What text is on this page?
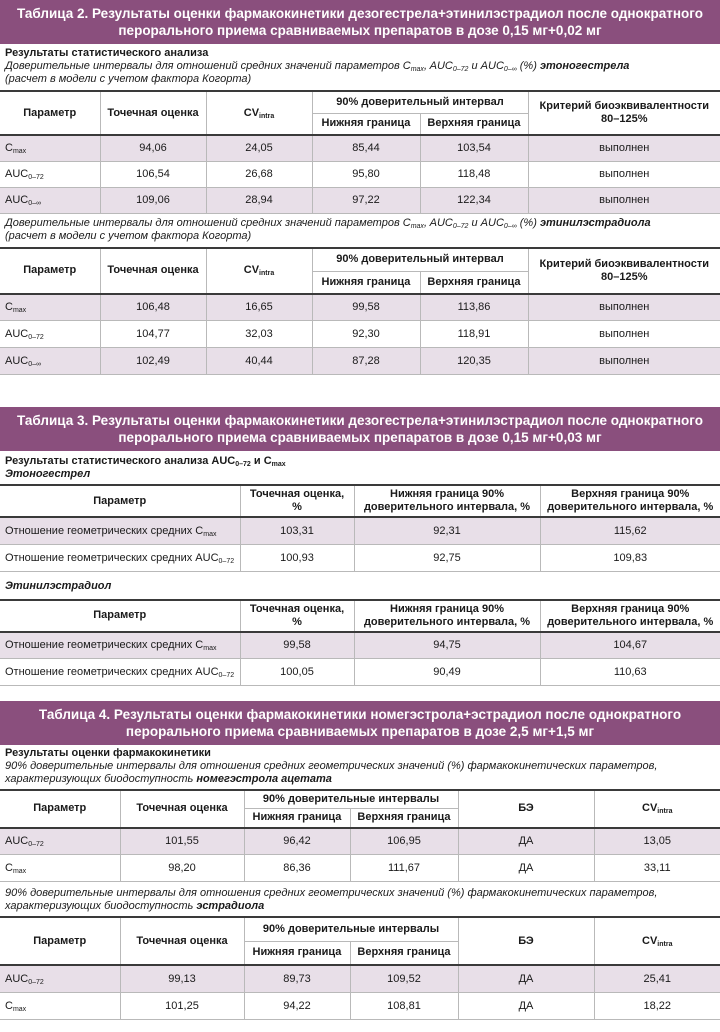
Таблица 2. Результаты оценки фармакокинетики дезогестрела+этинилэстрадиол после однократного перорального приема сравниваемых препаратов в дозе 0,15 мг+0,02 мг
Результаты статистического анализа
Доверительные интервалы для отношений средних значений параметров $C_{max}$, $AUC_{0-72}$ и $AUC_{0-\infty}$ (%) этоногестрела
(расчет в модели с учетом фактора Когорта)
Параметр	Точечная оценка	$CV_{intra}$	90% доверительный интервал		Критерий биоэквивалентности 80–125%
			Нижняя граница	Верхняя граница	
$C_{max}$	94,06	24,05	85,44	103,54	выполнен
$AUC_{0-72}$	106,54	26,68	95,80	118,48	выполнен
$AUC_{0-\infty}$	109,06	28,94	97,22	122,34	выполнен
Доверительные интервалы для отношений средних значений параметров $C_{max}$, $AUC_{0-72}$ и $AUC_{0-\infty}$ (%) этинилэстрадиола
(расчет в модели с учетом фактора Когорта)
Параметр	Точечная оценка	$CV_{intra}$	90% доверительный интервал		Критерий биоэквивалентности 80–125%
			Нижняя граница	Верхняя граница	
$C_{max}$	106,48	16,65	99,58	113,86	выполнен
$AUC_{0-72}$	104,77	32,03	92,30	118,91	выполнен
$AUC_{0-\infty}$	102,49	40,44	87,28	120,35	выполнен
Таблица 3. Результаты оценки фармакокинетики дезогестрела+этинилэстрадиол после однократного перорального приема сравниваемых препаратов в дозе 0,15 мг+0,03 мг
Результаты статистического анализа $AUC_{0-72}$ и $C_{max}$
Этоногестрел
Параметр	Точечная оценка, %	Нижняя граница 90% доверительного интервала, %	Верхняя граница 90% доверительного интервала, %
Отношение геометрических средних $C_{max}$	103,31	92,31	115,62
Отношение геометрических средних $AUC_{0-72}$	100,93	92,75	109,83
Этинилэстрадиол
Параметр	Точечная оценка, %	Нижняя граница 90% доверительного интервала, %	Верхняя граница 90% доверительного интервала, %
Отношение геометрических средних $C_{max}$	99,58	94,75	104,67
Отношение геометрических средних $AUC_{0-72}$	100,05	90,49	110,63
Таблица 4. Результаты оценки фармакокинетики номегэстрола+эстрадиол после однократного перорального приема сравниваемых препаратов в дозе 2,5 мг+1,5 мг
Результаты оценки фармакокинетики
90% доверительные интервалы для отношения средних геометрических значений (%) фармакокинетических параметров,
характеризующих биодоступность номегэстрола ацетата
Параметр	Точечная оценка	90% доверительные интервалы		БЭ	$CV_{intra}$
		Нижняя граница	Верхняя граница		
$AUC_{0-72}$	101,55	96,42	106,95	ДА	13,05
$C_{max}$	98,20	86,36	111,67	ДА	33,11
90% доверительные интервалы для отношения средних геометрических значений (%) фармакокинетических параметров,
характеризующих биодоступность эстрадиола
Параметр	Точечная оценка	90% доверительные интервалы		БЭ	$CV_{intra}$
		Нижняя граница	Верхняя граница		
$AUC_{0-72}$	99,13	89,73	109,52	ДА	25,41
$C_{max}$	101,25	94,22	108,81	ДА	18,22
